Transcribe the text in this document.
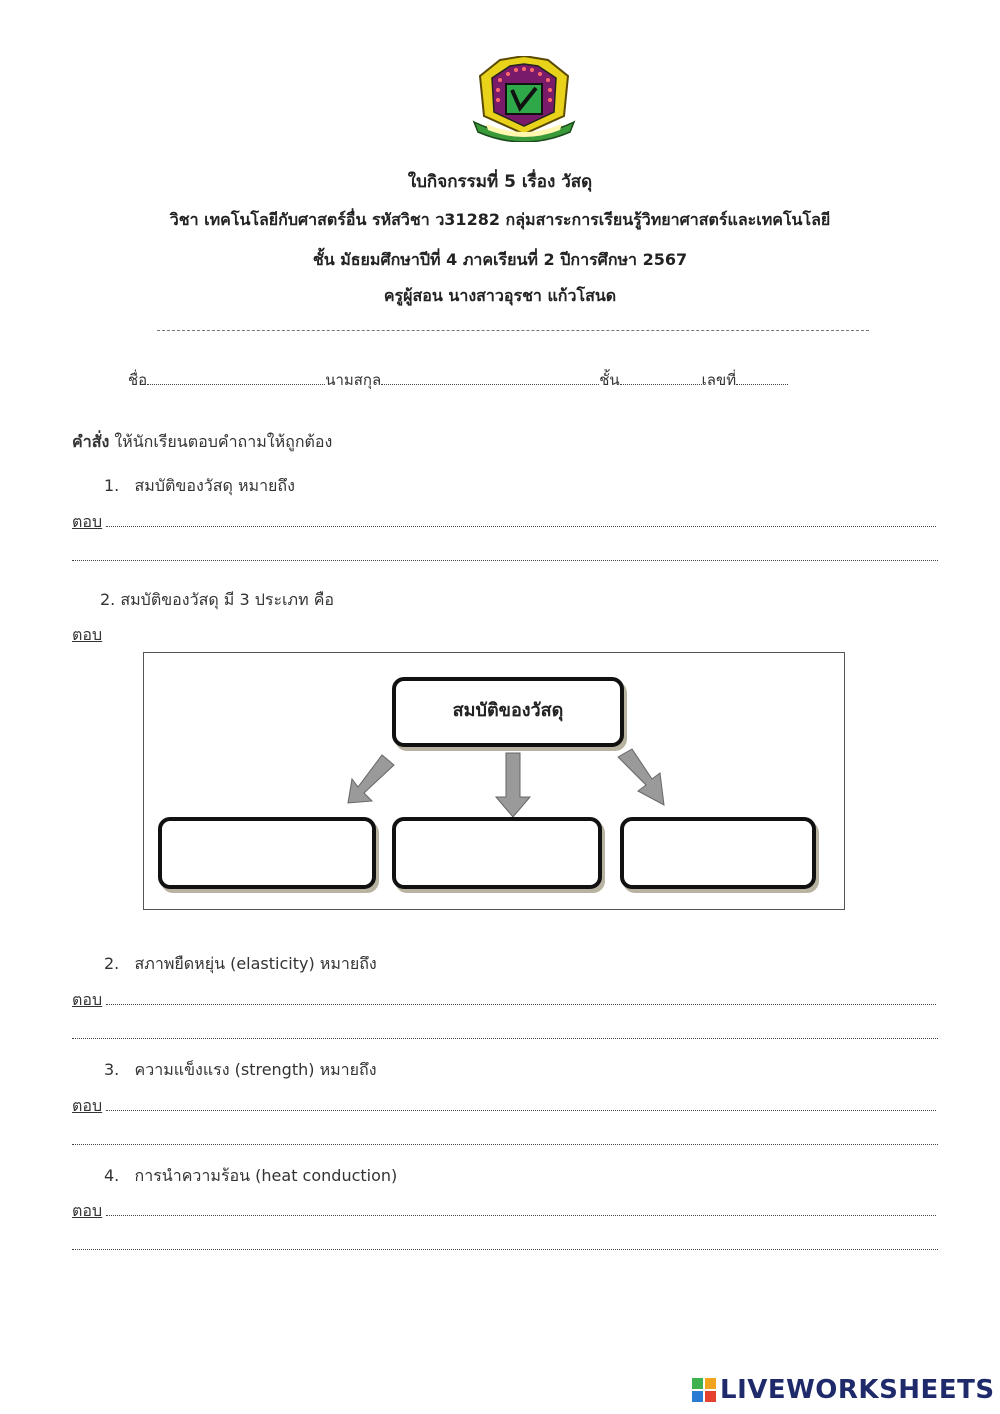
ใบกิจกรรมที่ 5 เรื่อง วัสดุ
วิชา เทคโนโลยีกับศาสตร์อื่น รหัสวิชา ว31282 กลุ่มสาระการเรียนรู้วิทยาศาสตร์และเทคโนโลยี
ชั้น มัธยมศึกษาปีที่ 4 ภาคเรียนที่ 2 ปีการศึกษา 2567
ครูผู้สอน นางสาวอุรชา แก้วโสนด
ชื่อ	นามสกุล	ชั้น	เลขที่
คำสั่ง ให้นักเรียนตอบคำถามให้ถูกต้อง
1. สมบัติของวัสดุ หมายถึง
ตอบ
2. สมบัติของวัสดุ มี 3 ประเภท คือ
ตอบ
สมบัติของวัสดุ
2. สภาพยืดหยุ่น (elasticity) หมายถึง
ตอบ
3. ความแข็งแรง (strength) หมายถึง
ตอบ
4. การนำความร้อน (heat conduction)
ตอบ
LIVEWORKSHEETS
